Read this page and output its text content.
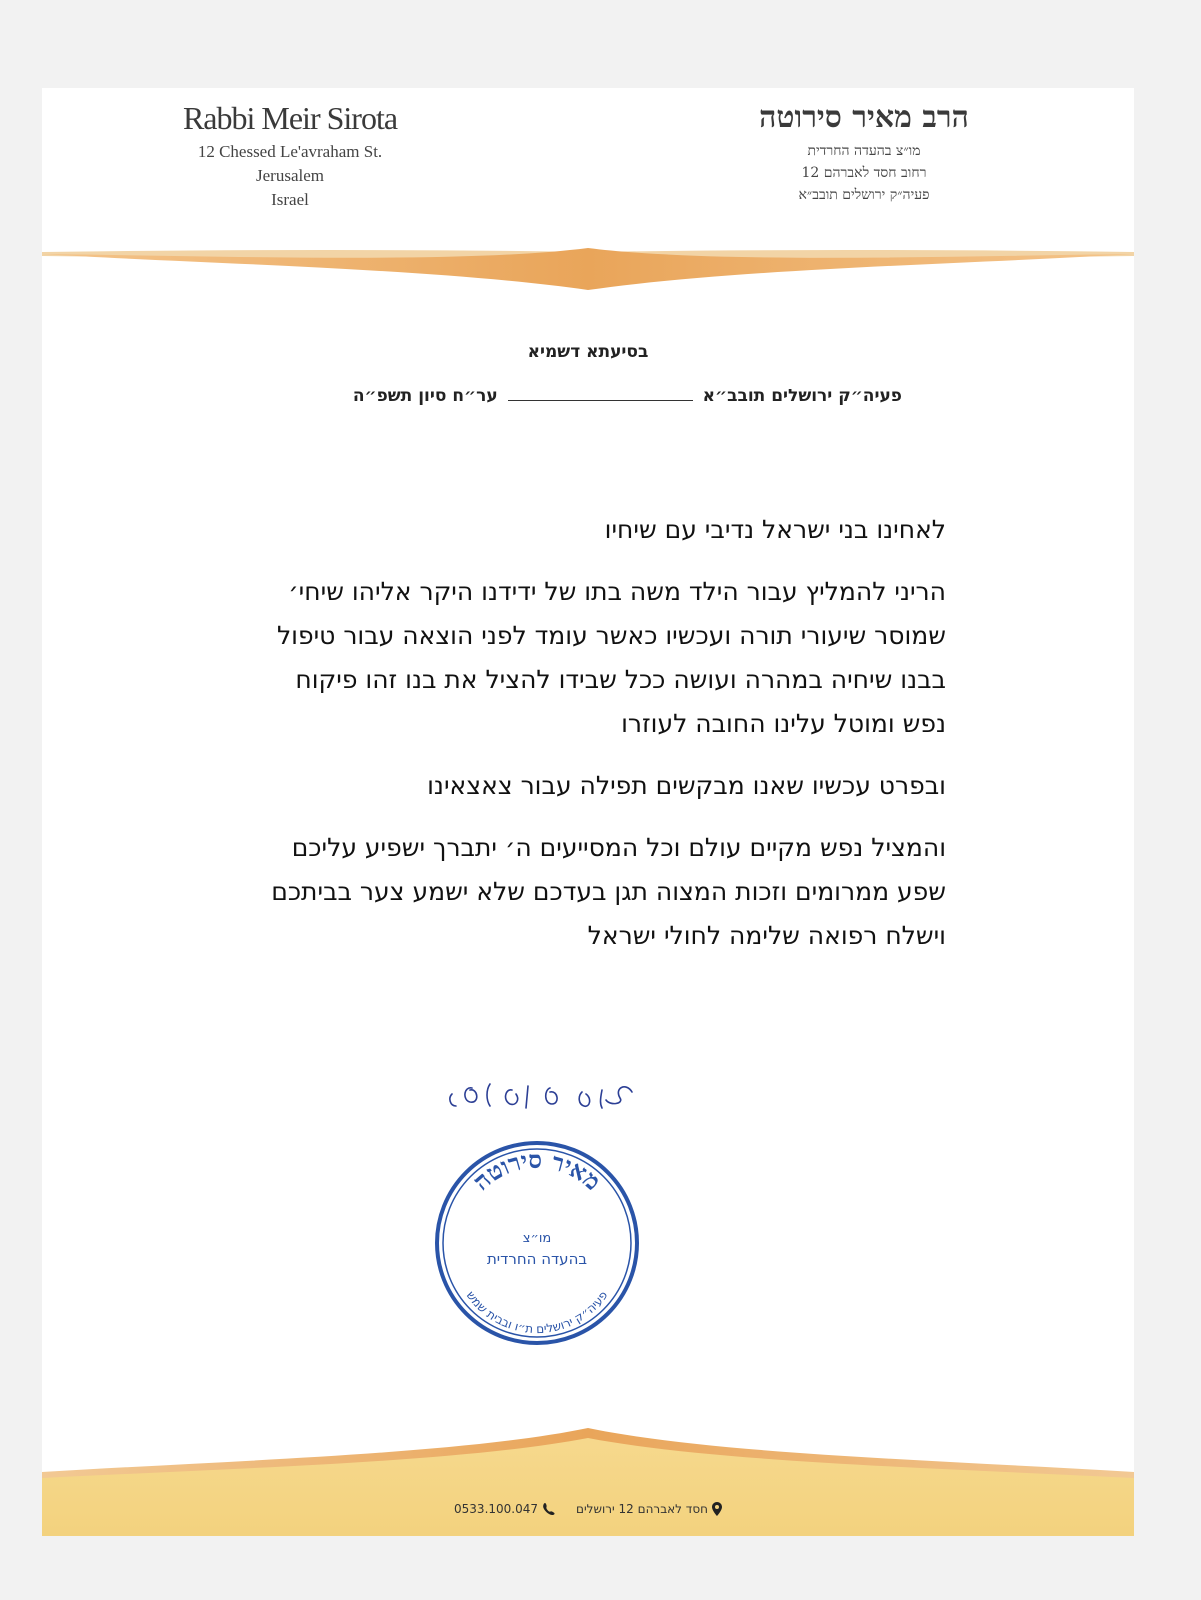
Rabbi Meir Sirota

12 Chessed Le'avraham St.

Jerusalem

Israel

הרב מאיר סירוטה

מו״צ בהעדה החרדית

רחוב חסד לאברהם 12

פעיה״ק ירושלים תובב״א

בסיעתא דשמיא
פעיה״ק ירושלים תובב״א
ער״ח סיון תשפ״ה

לאחינו בני ישראל נדיבי עם שיחיו

הריני להמליץ עבור הילד משה בתו של ידידנו היקר אליהו שיחי׳ שמוסר שיעורי תורה ועכשיו כאשר עומד לפני הוצאה עבור טיפול בבנו שיחיה במהרה ועושה ככל שבידו להציל את בנו זהו פיקוח נפש ומוטל עלינו החובה לעוזרו

ובפרט עכשיו שאנו מבקשים תפילה עבור צאצאינו

והמציל נפש מקיים עולם וכל המסייעים ה׳ יתברך ישפיע עליכם שפע ממרומים וזכות המצוה תגן בעדכם שלא ישמע צער בביתכם וישלח רפואה שלימה לחולי ישראל

מאיר סירוטה
פעיה״ק ירושלים ת״ו ובבית שמש
מו״צ
בהעדה החרדית
חסד לאברהם 12 ירושלים
0533.100.047
